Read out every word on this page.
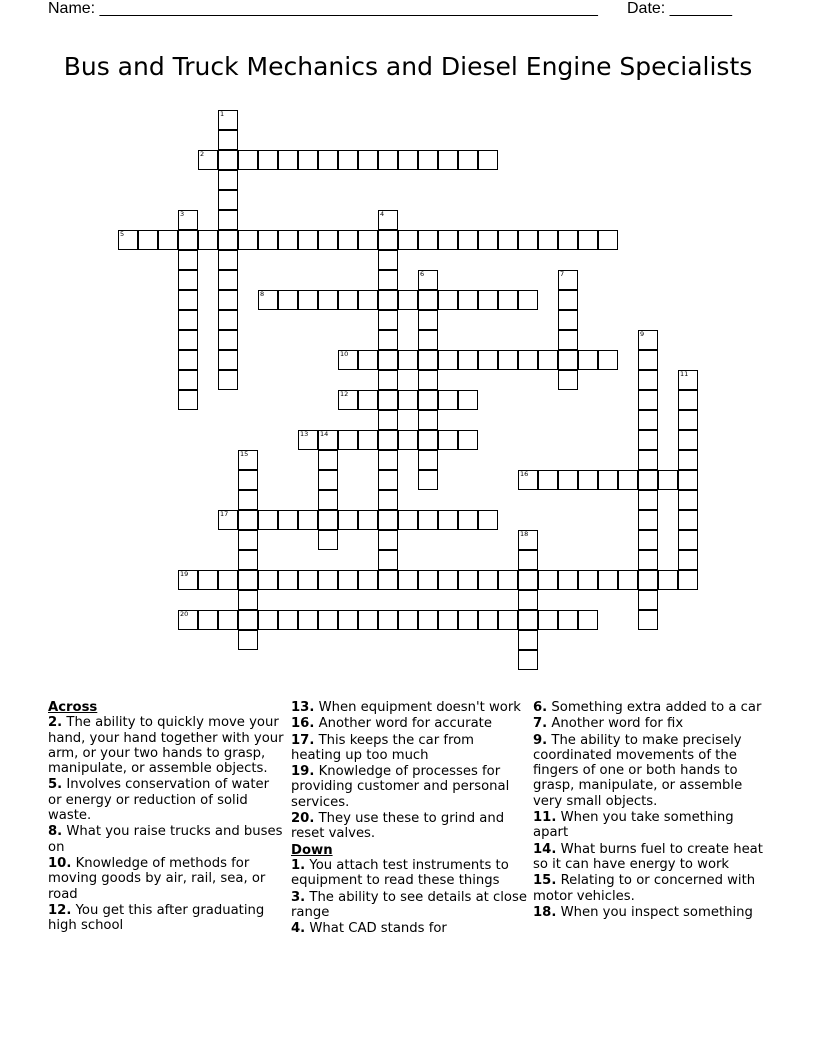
Name: ________________________________________________________ Date: _______
Bus and Truck Mechanics and Diesel Engine Specialists
1
2
3	4
5
6	7
8
9
10
11
12
13 14
15
16
17
18
19
20
Across
2. The ability to quickly move your hand, your hand together with your arm, or your two hands to grasp, manipulate, or assemble objects.
5. Involves conservation of water or energy or reduction of solid waste.
8. What you raise trucks and buses on
10. Knowledge of methods for moving goods by air, rail, sea, or road
12. You get this after graduating high school
13. When equipment doesn't work
16. Another word for accurate
17. This keeps the car from heating up too much
19. Knowledge of processes for providing customer and personal services.
20. They use these to grind and reset valves.
Down
1. You attach test instruments to equipment to read these things
3. The ability to see details at close range
4. What CAD stands for
6. Something extra added to a car
7. Another word for fix
9. The ability to make precisely coordinated movements of the fingers of one or both hands to grasp, manipulate, or assemble very small objects.
11. When you take something apart
14. What burns fuel to create heat so it can have energy to work
15. Relating to or concerned with motor vehicles.
18. When you inspect something
